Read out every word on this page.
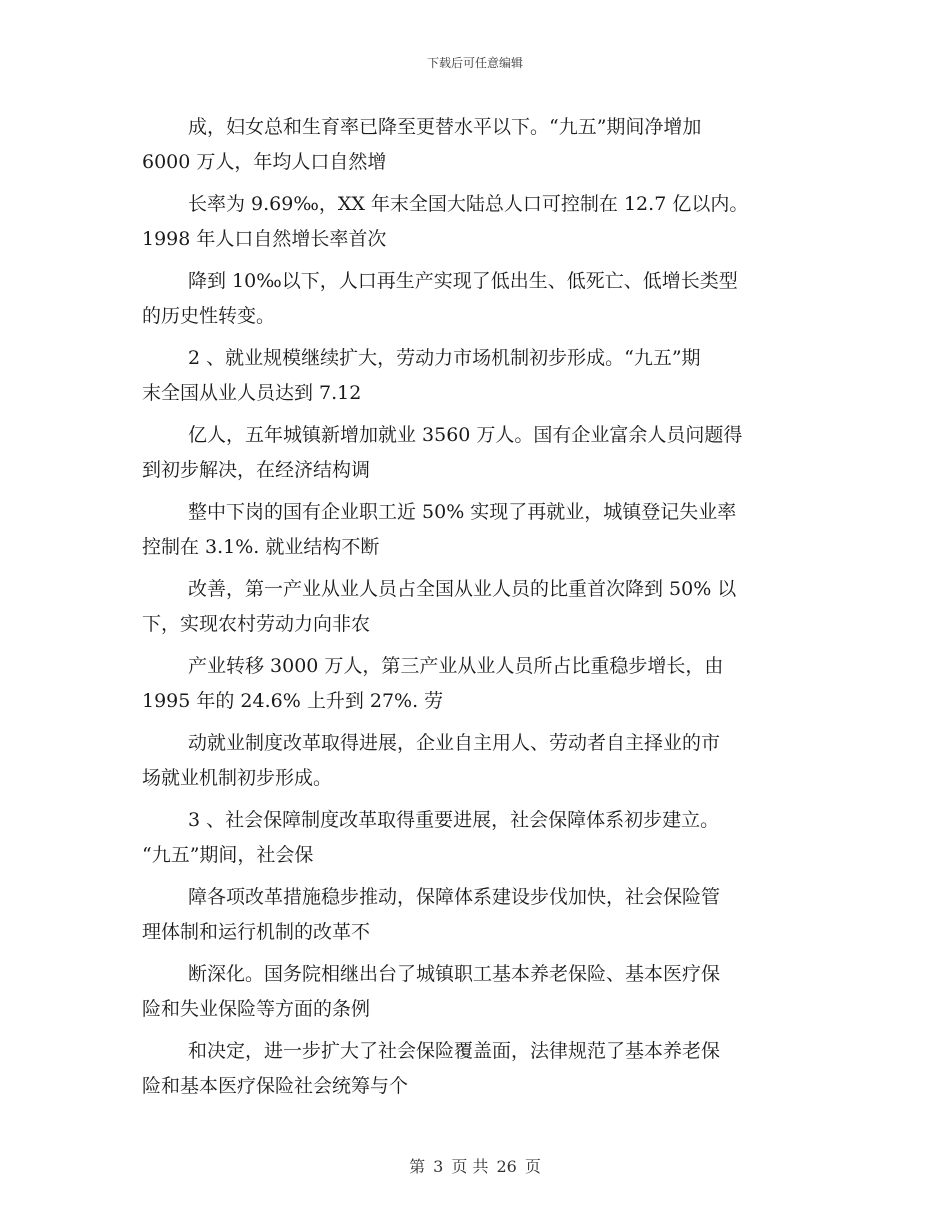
下载后可任意编辑

成，妇女总和生育率已降至更替水平以下。“九五”期间净增加
6000 万人，年均人口自然增

长率为 9.69‰，XX 年末全国大陆总人口可控制在 12.7 亿以内。
1998 年人口自然增长率首次

降到 10‰以下，人口再生产实现了低出生、低死亡、低增长类型
的历史性转变。

2 、就业规模继续扩大，劳动力市场机制初步形成。“九五”期
末全国从业人员达到 7.12

亿人，五年城镇新增加就业 3560 万人。国有企业富余人员问题得
到初步解决，在经济结构调

整中下岗的国有企业职工近 50% 实现了再就业，城镇登记失业率
控制在 3.1%. 就业结构不断

改善，第一产业从业人员占全国从业人员的比重首次降到 50% 以
下，实现农村劳动力向非农

产业转移 3000 万人，第三产业从业人员所占比重稳步增长，由
1995 年的 24.6% 上升到 27%. 劳

动就业制度改革取得进展，企业自主用人、劳动者自主择业的市
场就业机制初步形成。

3 、社会保障制度改革取得重要进展，社会保障体系初步建立。
“九五”期间，社会保

障各项改革措施稳步推动，保障体系建设步伐加快，社会保险管
理体制和运行机制的改革不

断深化。国务院相继出台了城镇职工基本养老保险、基本医疗保
险和失业保险等方面的条例

和决定，进一步扩大了社会保险覆盖面，法律规范了基本养老保
险和基本医疗保险社会统筹与个

第 3 页 共 26 页
